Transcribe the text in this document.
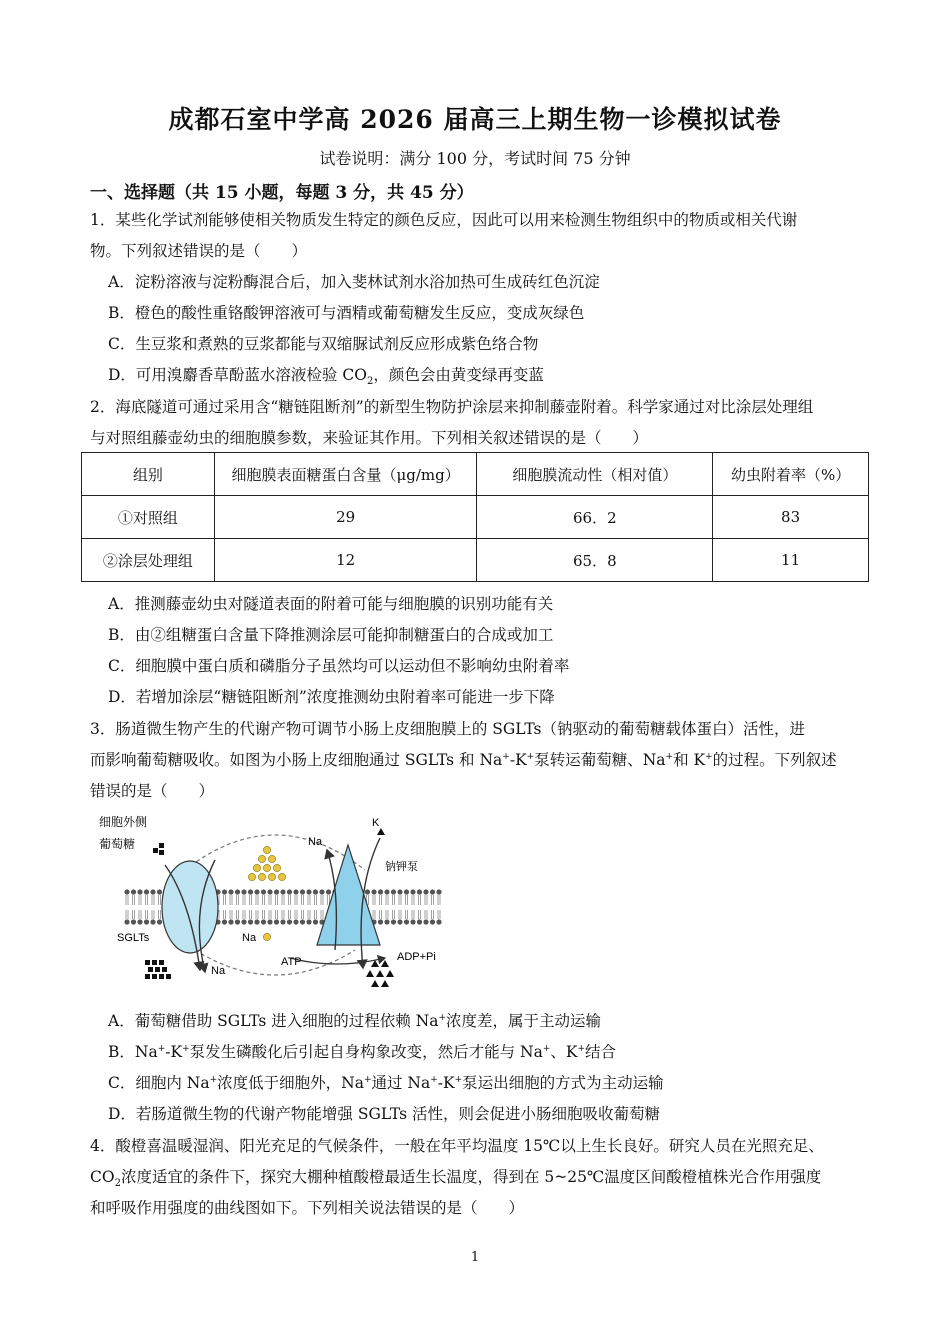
成都石室中学高 2026 届高三上期生物一诊模拟试卷
试卷说明：满分 100 分，考试时间 75 分钟
一、选择题（共 15 小题，每题 3 分，共 45 分）
1．某些化学试剂能够使相关物质发生特定的颜色反应，因此可以用来检测生物组织中的物质或相关代谢
物。下列叙述错误的是（　　）
A．淀粉溶液与淀粉酶混合后，加入斐林试剂水浴加热可生成砖红色沉淀
B．橙色的酸性重铬酸钾溶液可与酒精或葡萄糖发生反应，变成灰绿色
C．生豆浆和煮熟的豆浆都能与双缩脲试剂反应形成紫色络合物
D．可用溴麝香草酚蓝水溶液检验 $CO_2$，颜色会由黄变绿再变蓝
2．海底隧道可通过采用含“糖链阻断剂”的新型生物防护涂层来抑制藤壶附着。科学家通过对比涂层处理组
与对照组藤壶幼虫的细胞膜参数，来验证其作用。下列相关叙述错误的是（　　）
组别	细胞膜表面糖蛋白含量（μg/mg）	细胞膜流动性（相对值）	幼虫附着率（%）
①对照组	29	66．2	83
②涂层处理组	12	65．8	11
A．推测藤壶幼虫对隧道表面的附着可能与细胞膜的识别功能有关
B．由②组糖蛋白含量下降推测涂层可能抑制糖蛋白的合成或加工
C．细胞膜中蛋白质和磷脂分子虽然均可以运动但不影响幼虫附着率
D．若增加涂层“糖链阻断剂”浓度推测幼虫附着率可能进一步下降
3．肠道微生物产生的代谢产物可调节小肠上皮细胞膜上的 SGLTs（钠驱动的葡萄糖载体蛋白）活性，进
而影响葡萄糖吸收。如图为小肠上皮细胞通过 SGLTs 和 Na+-K+泵转运葡萄糖、Na+和 K+的过程。下列叙述
错误的是（　　）
细胞外侧
葡萄糖
SGLTs
Na
K
钠钾泵
Na
Na
ATP	ADP+Pi
A．葡萄糖借助 SGLTs 进入细胞的过程依赖 Na+浓度差，属于主动运输
B．Na+-K+泵发生磷酸化后引起自身构象改变，然后才能与 Na+、K+结合
C．细胞内 Na+浓度低于细胞外，Na+通过 Na+-K+泵运出细胞的方式为主动运输
D．若肠道微生物的代谢产物能增强 SGLTs 活性，则会促进小肠细胞吸收葡萄糖
4．酸橙喜温暖湿润、阳光充足的气候条件，一般在年平均温度 15℃以上生长良好。研究人员在光照充足、
$CO_2$浓度适宜的条件下，探究大棚种植酸橙最适生长温度，得到在 5~25℃温度区间酸橙植株光合作用强度
和呼吸作用强度的曲线图如下。下列相关说法错误的是（　　）
1
